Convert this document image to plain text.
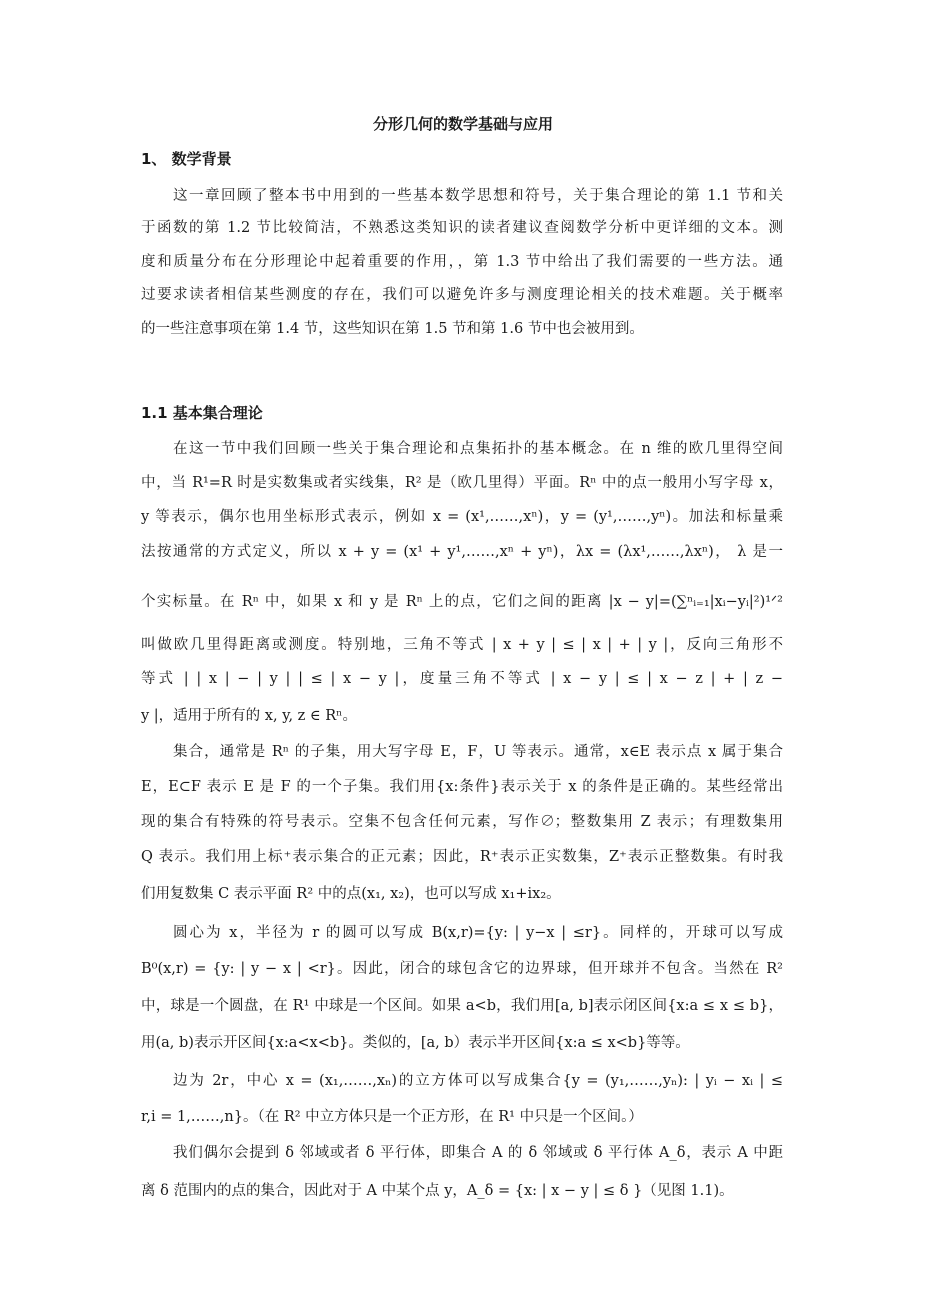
分形几何的数学基础与应用
1、 数学背景
这一章回顾了整本书中用到的一些基本数学思想和符号，关于集合理论的第 1.1 节和关
于函数的第 1.2 节比较简洁，不熟悉这类知识的读者建议查阅数学分析中更详细的文本。测
度和质量分布在分形理论中起着重要的作用，，第 1.3 节中给出了我们需要的一些方法。通
过要求读者相信某些测度的存在，我们可以避免许多与测度理论相关的技术难题。关于概率
的一些注意事项在第 1.4 节，这些知识在第 1.5 节和第 1.6 节中也会被用到。
1.1 基本集合理论
在这一节中我们回顾一些关于集合理论和点集拓扑的基本概念。在 n 维的欧几里得空间
中，当 R¹=R 时是实数集或者实线集，R² 是（欧几里得）平面。Rⁿ 中的点一般用小写字母 x，
y 等表示，偶尔也用坐标形式表示，例如 x = (x¹,……,xⁿ)，y = (y¹,……,yⁿ)。加法和标量乘
法按通常的方式定义，所以 x + y = (x¹ + y¹,……,xⁿ + yⁿ)，λx = (λx¹,……,λxⁿ)， λ 是一
个实标量。在 Rⁿ 中，如果 x 和 y 是 Rⁿ 上的点，它们之间的距离 |x − y|=(∑ⁿᵢ₌₁|xᵢ−yᵢ|²)¹ᐟ²
叫做欧几里得距离或测度。特别地，三角不等式 | x + y | ≤ | x | + | y |，反向三角形不
等式 | | x | − | y | | ≤ | x − y |，度量三角不等式 | x − y | ≤ | x − z | + | z −
y |，适用于所有的 x, y, z ∈ Rⁿ。
集合，通常是 Rⁿ 的子集，用大写字母 E，F，U 等表示。通常，x∈E 表示点 x 属于集合
E，E⊂F 表示 E 是 F 的一个子集。我们用{x:条件}表示关于 x 的条件是正确的。某些经常出
现的集合有特殊的符号表示。空集不包含任何元素，写作∅；整数集用 Z 表示；有理数集用
Q 表示。我们用上标⁺表示集合的正元素；因此，R⁺表示正实数集，Z⁺表示正整数集。有时我
们用复数集 C 表示平面 R² 中的点(x₁, x₂)，也可以写成 x₁+ix₂。
圆心为 x，半径为 r 的圆可以写成 B(x,r)={y: | y−x | ≤r}。同样的，开球可以写成
B⁰(x,r) = {y: | y − x | <r}。因此，闭合的球包含它的边界球，但开球并不包含。当然在 R²
中，球是一个圆盘，在 R¹ 中球是一个区间。如果 a<b，我们用[a, b]表示闭区间{x:a ≤ x ≤ b}，
用(a, b)表示开区间{x:a<x<b}。类似的，[a, b）表示半开区间{x:a ≤ x<b}等等。
边为 2r，中心 x = (x₁,……,xₙ)的立方体可以写成集合{y = (y₁,……,yₙ): | yᵢ − xᵢ | ≤
r,i = 1,……,n}。（在 R² 中立方体只是一个正方形，在 R¹ 中只是一个区间。）
我们偶尔会提到 δ 邻域或者 δ 平行体，即集合 A 的 δ 邻域或 δ 平行体 A_δ，表示 A 中距
离 δ 范围内的点的集合，因此对于 A 中某个点 y，A_δ = {x: | x − y | ≤ δ }（见图 1.1)。
